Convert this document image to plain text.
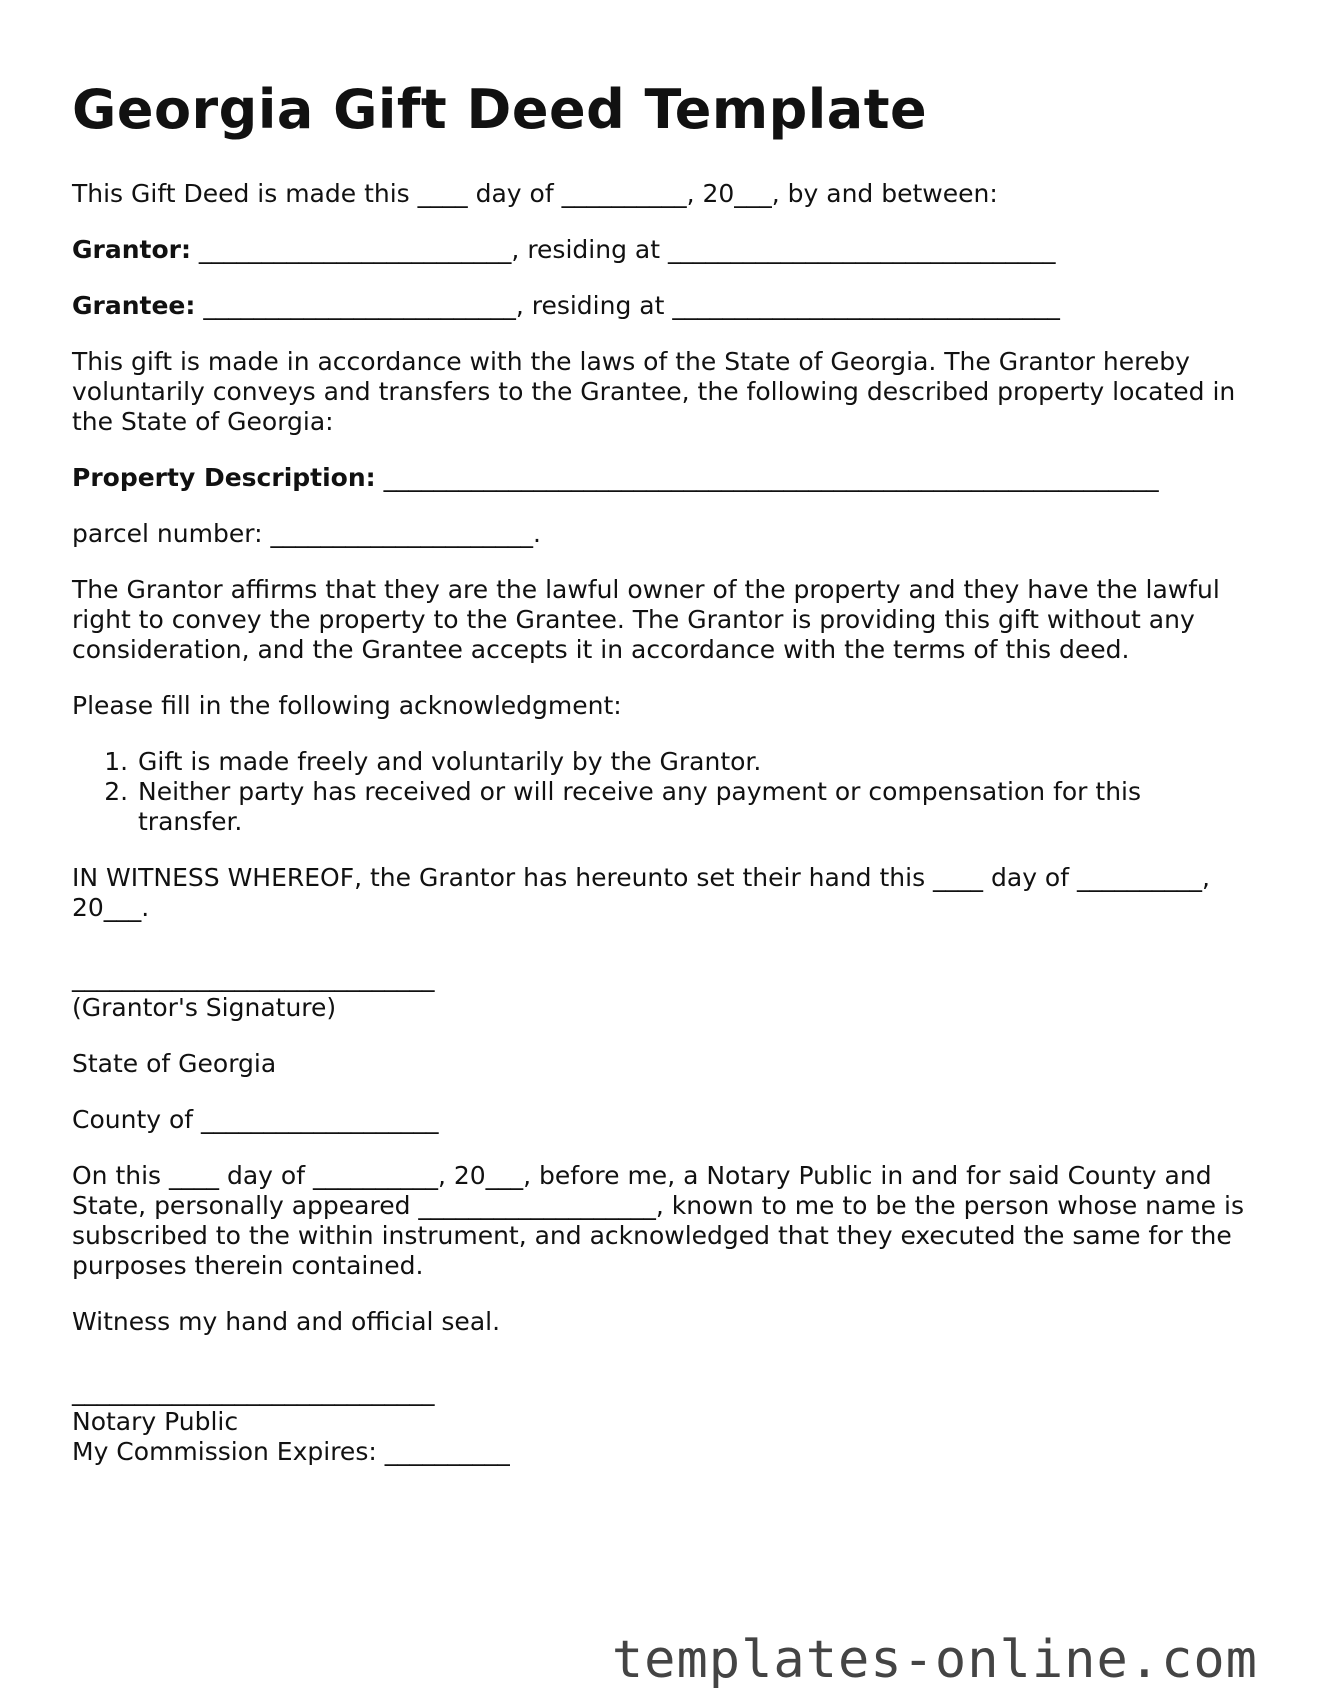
Georgia Gift Deed Template

This Gift Deed is made this ____ day of __________, 20___, by and between:

Grantor: _________________________, residing at _______________________________

Grantee: _________________________, residing at _______________________________

This gift is made in accordance with the laws of the State of Georgia. The Grantor hereby voluntarily conveys and transfers to the Grantee, the following described property located in the State of Georgia:

Property Description: ______________________________________________________________

parcel number: _____________________.

The Grantor affirms that they are the lawful owner of the property and they have the lawful right to convey the property to the Grantee. The Grantor is providing this gift without any consideration, and the Grantee accepts it in accordance with the terms of this deed.

Please fill in the following acknowledgment:

1. Gift is made freely and voluntarily by the Grantor.
2. Neither party has received or will receive any payment or compensation for this transfer.

IN WITNESS WHEREOF, the Grantor has hereunto set their hand this ____ day of __________, 20___.

_____________________________

(Grantor's Signature)

State of Georgia

County of ___________________

On this ____ day of __________, 20___, before me, a Notary Public in and for said County and State, personally appeared ___________________, known to me to be the person whose name is subscribed to the within instrument, and acknowledged that they executed the same for the purposes therein contained.

Witness my hand and official seal.

_____________________________

Notary Public

My Commission Expires: __________

templates-online.com
